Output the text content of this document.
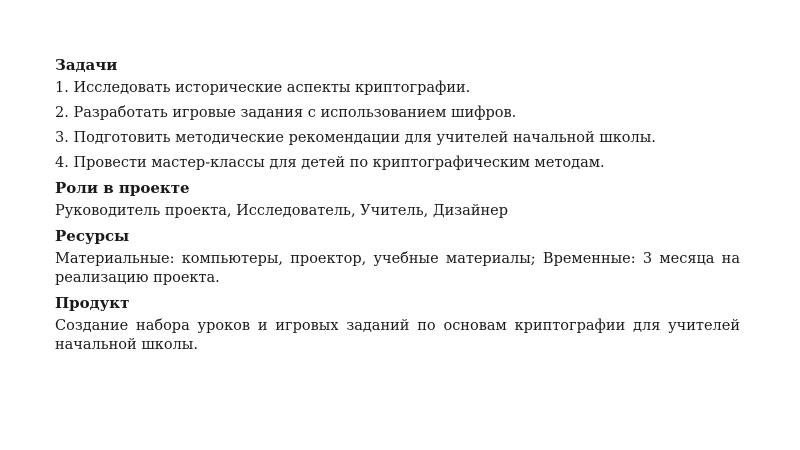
Задачи
1. Исследовать исторические аспекты криптографии.
2. Разработать игровые задания с использованием шифров.
3. Подготовить методические рекомендации для учителей начальной школы.
4. Провести мастер-классы для детей по криптографическим методам.
Роли в проекте
Руководитель проекта, Исследователь, Учитель, Дизайнер
Ресурсы
Материальные: компьютеры, проектор, учебные материалы; Временные: 3 месяца на реализацию проекта.
Продукт
Создание набора уроков и игровых заданий по основам криптографии для учителей начальной школы.
